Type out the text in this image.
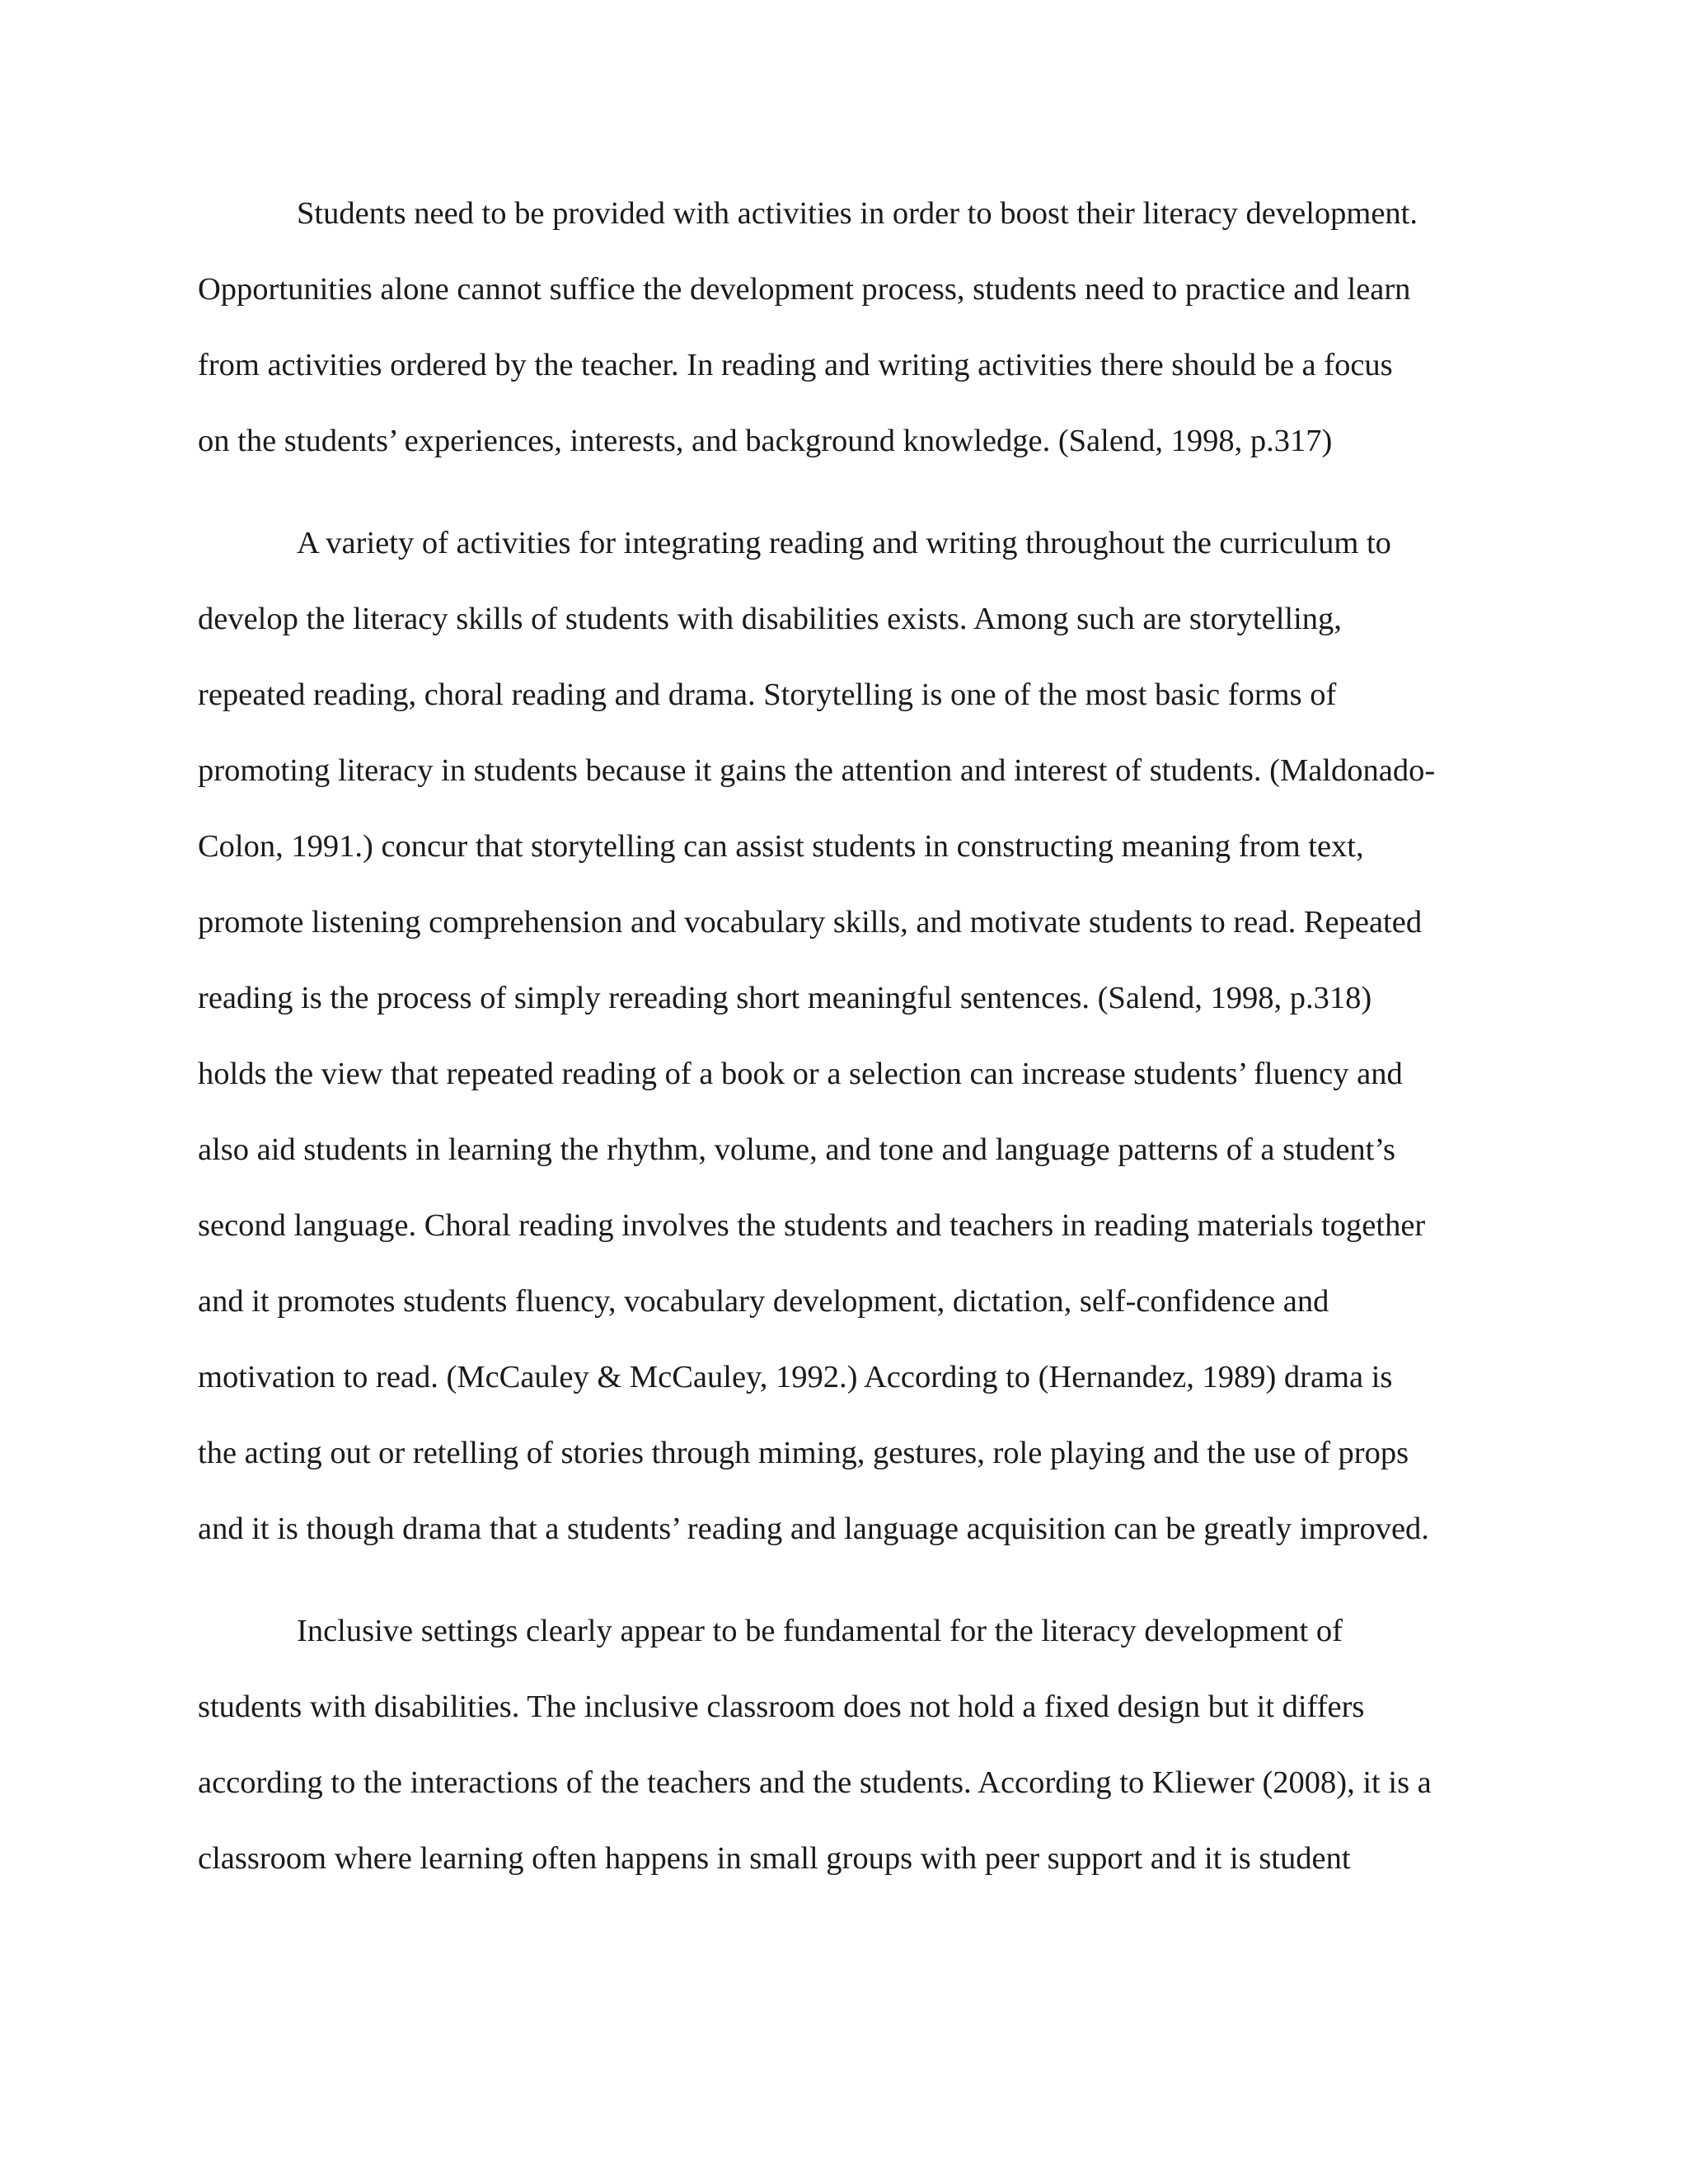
Students need to be provided with activities in order to boost their literacy development.
Opportunities alone cannot suffice the development process, students need to practice and learn
from activities ordered by the teacher. In reading and writing activities there should be a focus
on the students’ experiences, interests, and background knowledge. (Salend, 1998, p.317)
A variety of activities for integrating reading and writing throughout the curriculum to
develop the literacy skills of students with disabilities exists. Among such are storytelling,
repeated reading, choral reading and drama. Storytelling is one of the most basic forms of
promoting literacy in students because it gains the attention and interest of students. (Maldonado-
Colon, 1991.) concur that storytelling can assist students in constructing meaning from text,
promote listening comprehension and vocabulary skills, and motivate students to read. Repeated
reading is the process of simply rereading short meaningful sentences. (Salend, 1998, p.318)
holds the view that repeated reading of a book or a selection can increase students’ fluency and
also aid students in learning the rhythm, volume, and tone and language patterns of a student’s
second language. Choral reading involves the students and teachers in reading materials together
and it promotes students fluency, vocabulary development, dictation, self-confidence and
motivation to read. (McCauley & McCauley, 1992.) According to (Hernandez, 1989) drama is
the acting out or retelling of stories through miming, gestures, role playing and the use of props
and it is though drama that a students’ reading and language acquisition can be greatly improved.
Inclusive settings clearly appear to be fundamental for the literacy development of
students with disabilities. The inclusive classroom does not hold a fixed design but it differs
according to the interactions of the teachers and the students. According to Kliewer (2008), it is a
classroom where learning often happens in small groups with peer support and it is student
